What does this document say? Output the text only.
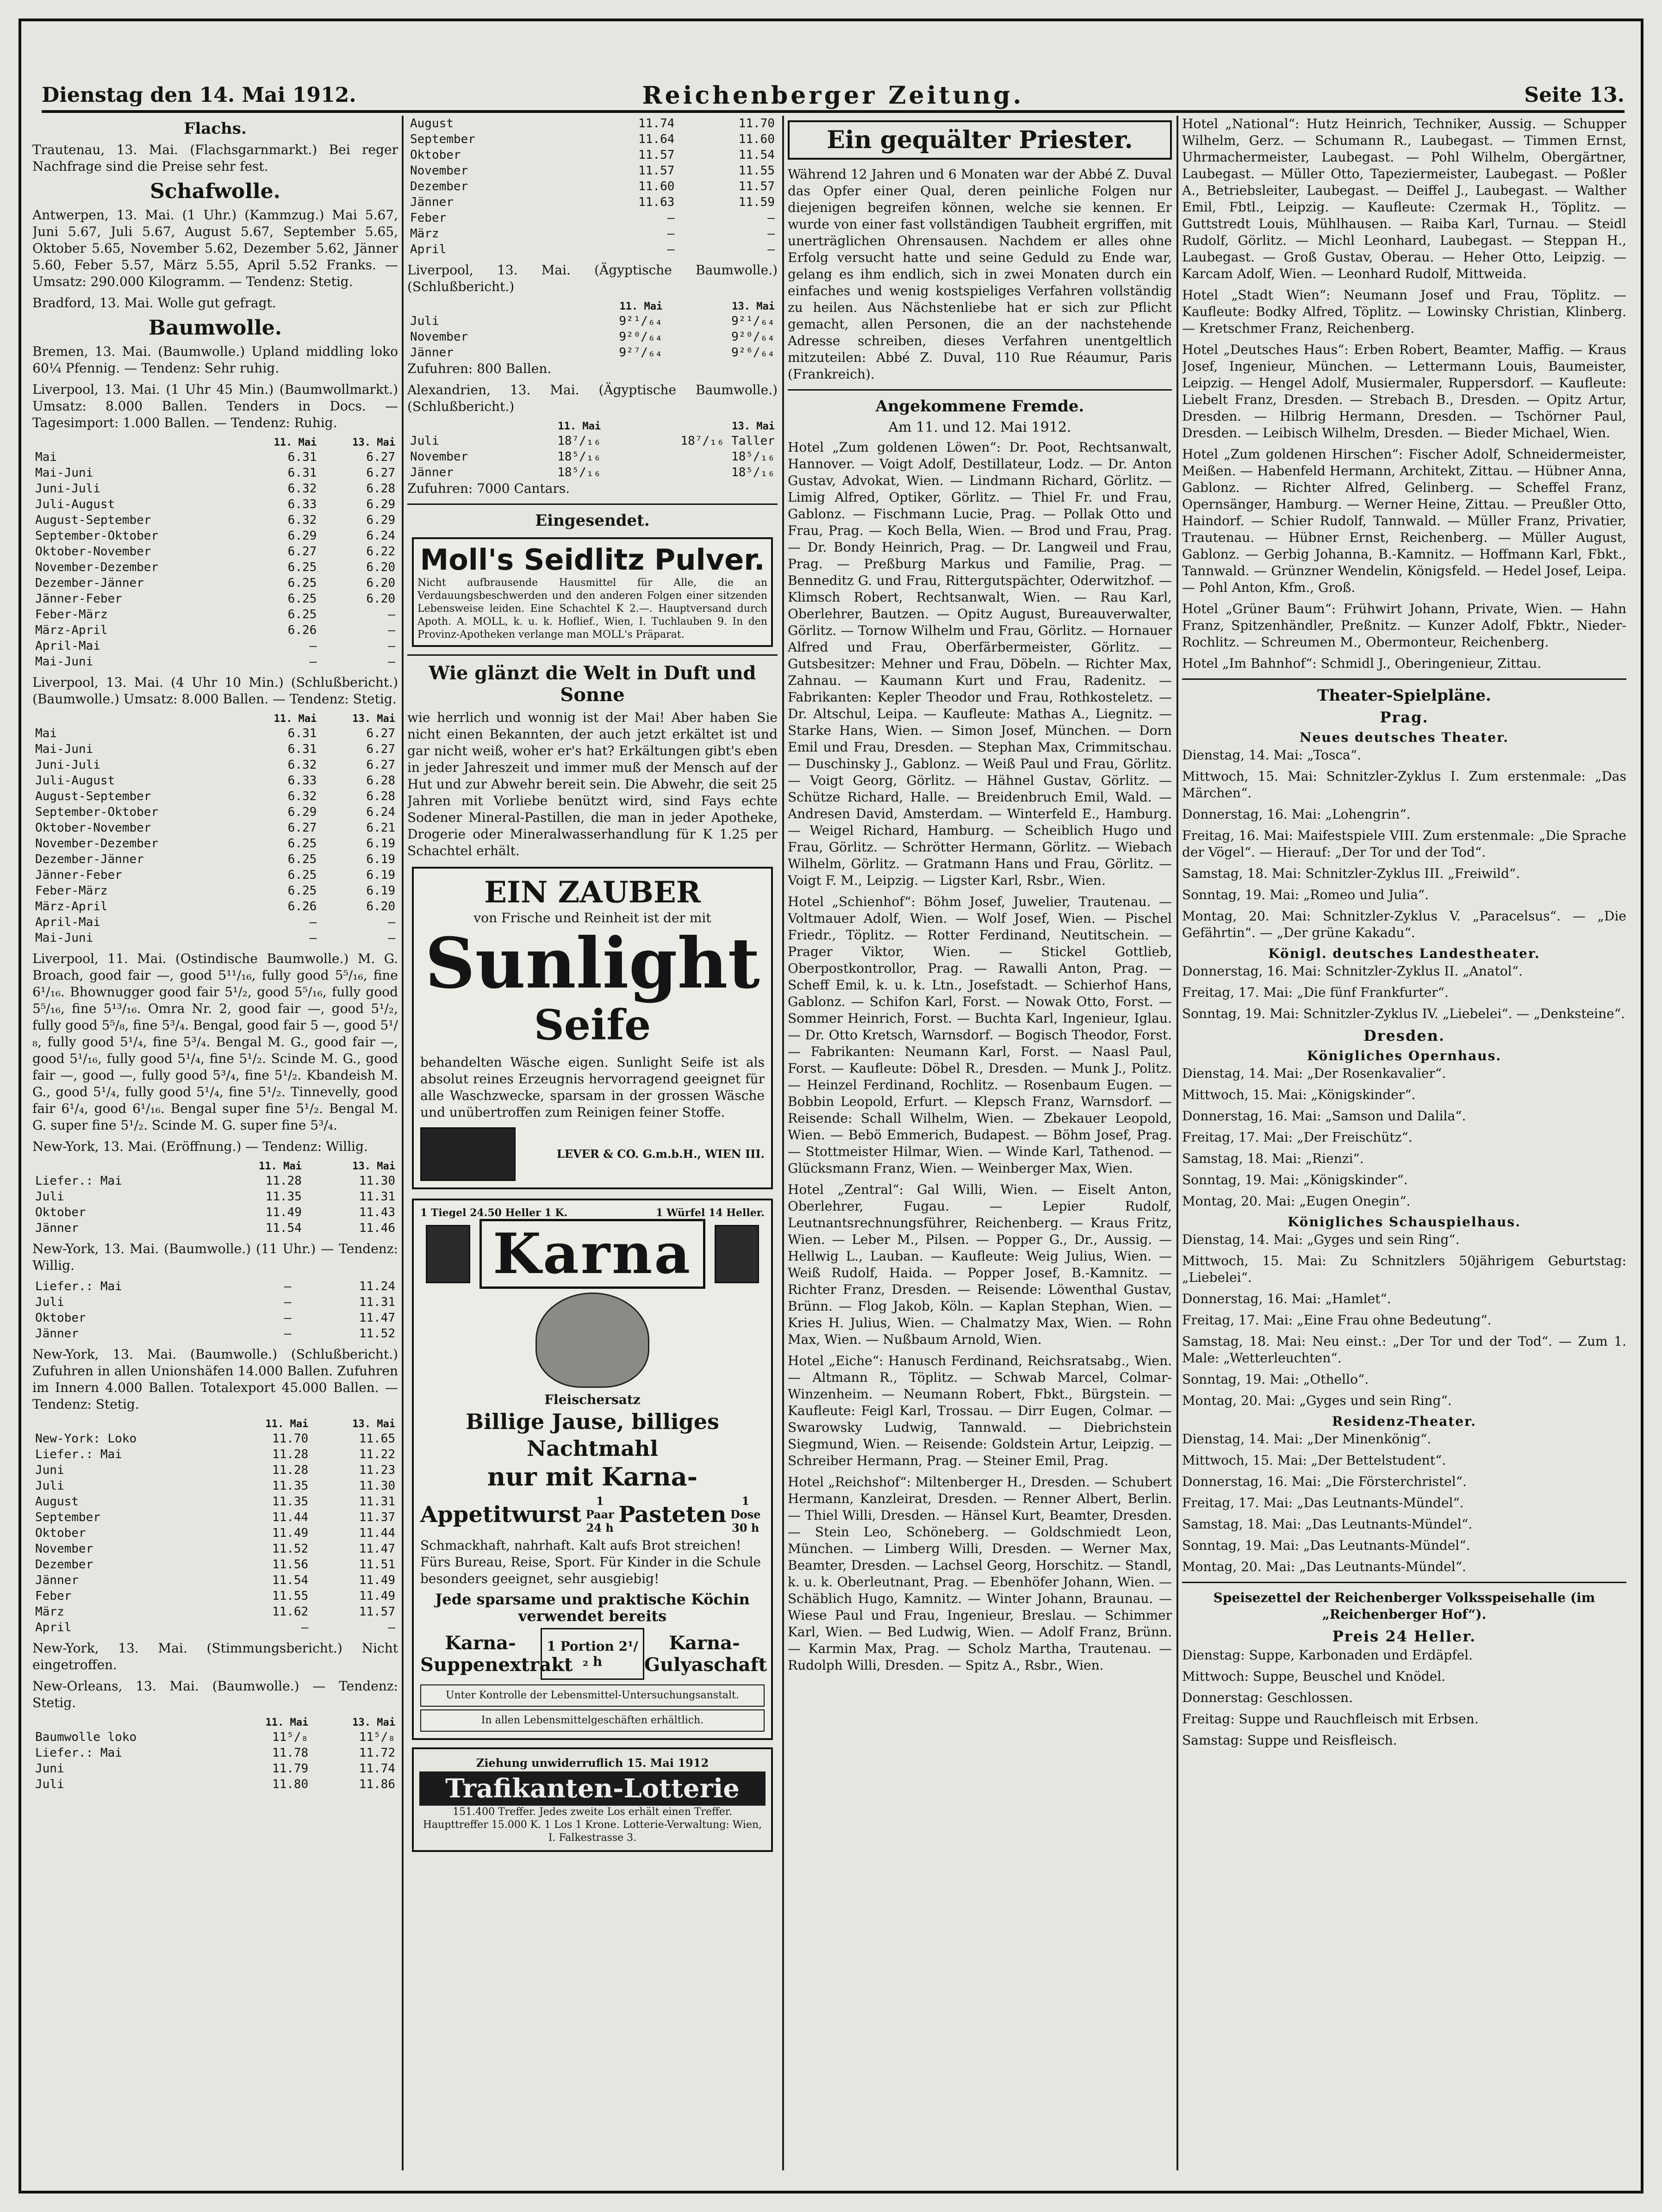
Dienstag den 14. Mai 1912.	Reichenberger Zeitung.	Seite 13.
Flachs.

Trautenau, 13. Mai. (Flachsgarnmarkt.) Bei reger Nachfrage sind die Preise sehr fest.

Schafwolle.

Antwerpen, 13. Mai. (1 Uhr.) (Kammzug.) Mai 5.67, Juni 5.67, Juli 5.67, August 5.67, September 5.65, Oktober 5.65, November 5.62, Dezember 5.62, Jänner 5.60, Feber 5.57, März 5.55, April 5.52 Franks. — Umsatz: 290.000 Kilogramm. — Tendenz: Stetig.

Bradford, 13. Mai. Wolle gut gefragt.

Baumwolle.

Bremen, 13. Mai. (Baumwolle.) Upland middling loko 60¼ Pfennig. — Tendenz: Sehr ruhig.

Liverpool, 13. Mai. (1 Uhr 45 Min.) (Baumwollmarkt.) Umsatz: 8.000 Ballen. Tenders in Docs. — Tagesimport: 1.000 Ballen. — Tendenz: Ruhig.

	11. Mai	13. Mai
Mai	6.31	6.27
Mai-Juni	6.31	6.27
Juni-Juli	6.32	6.28
Juli-August	6.33	6.29
August-September	6.32	6.29
September-Oktober	6.29	6.24
Oktober-November	6.27	6.22
November-Dezember	6.25	6.20
Dezember-Jänner	6.25	6.20
Jänner-Feber	6.25	6.20
Feber-März	6.25	—
März-April	6.26	—
April-Mai	—	—
Mai-Juni	—	—

Liverpool, 13. Mai. (4 Uhr 10 Min.) (Schlußbericht.) (Baumwolle.) Umsatz: 8.000 Ballen. — Tendenz: Stetig.

	11. Mai	13. Mai
Mai	6.31	6.27
Mai-Juni	6.31	6.27
Juni-Juli	6.32	6.27
Juli-August	6.33	6.28
August-September	6.32	6.28
September-Oktober	6.29	6.24
Oktober-November	6.27	6.21
November-Dezember	6.25	6.19
Dezember-Jänner	6.25	6.19
Jänner-Feber	6.25	6.19
Feber-März	6.25	6.19
März-April	6.26	6.20
April-Mai	—	—
Mai-Juni	—	—

Liverpool, 11. Mai. (Ostindische Baumwolle.) M. G. Broach, good fair —, good 5¹¹/₁₆, fully good 5⁵/₁₆, fine 6¹/₁₆. Bhownugger good fair 5¹/₂, good 5⁵/₁₆, fully good 5⁵/₁₆, fine 5¹³/₁₆. Omra Nr. 2, good fair —, good 5¹/₂, fully good 5⁵/₈, fine 5³/₄. Bengal, good fair 5 —, good 5¹/₈, fully good 5¹/₄, fine 5³/₄. Bengal M. G., good fair —, good 5¹/₁₆, fully good 5¹/₄, fine 5¹/₂. Scinde M. G., good fair —, good —, fully good 5³/₄, fine 5¹/₂. Kbandeish M. G., good 5¹/₄, fully good 5¹/₄, fine 5¹/₂. Tinnevelly, good fair 6¹/₄, good 6¹/₁₆. Bengal super fine 5¹/₂. Bengal M. G. super fine 5¹/₂. Scinde M. G. super fine 5³/₄.

New-York, 13. Mai. (Eröffnung.) — Tendenz: Willig.

	11. Mai	13. Mai
Liefer.: Mai	11.28	11.30
Juli	11.35	11.31
Oktober	11.49	11.43
Jänner	11.54	11.46

New-York, 13. Mai. (Baumwolle.) (11 Uhr.) — Tendenz: Willig.

Liefer.: Mai	—	11.24
Juli	—	11.31
Oktober	—	11.47
Jänner	—	11.52

New-York, 13. Mai. (Baumwolle.) (Schlußbericht.) Zufuhren in allen Unionshäfen 14.000 Ballen. Zufuhren im Innern 4.000 Ballen. Totalexport 45.000 Ballen. — Tendenz: Stetig.

	11. Mai	13. Mai
New-York: Loko	11.70	11.65
Liefer.: Mai	11.28	11.22
Juni	11.28	11.23
Juli	11.35	11.30
August	11.35	11.31
September	11.44	11.37
Oktober	11.49	11.44
November	11.52	11.47
Dezember	11.56	11.51
Jänner	11.54	11.49
Feber	11.55	11.49
März	11.62	11.57
April	—	—

New-York, 13. Mai. (Stimmungsbericht.) Nicht eingetroffen.

New-Orleans, 13. Mai. (Baumwolle.) — Tendenz: Stetig.

	11. Mai	13. Mai
Baumwolle loko	11⁵/₈	11⁵/₈
Liefer.: Mai	11.78	11.72
Juni	11.79	11.74
Juli	11.80	11.86
August	11.74	11.70
September	11.64	11.60
Oktober	11.57	11.54
November	11.57	11.55
Dezember	11.60	11.57
Jänner	11.63	11.59
Feber	—	—
März	—	—
April	—	—

Liverpool, 13. Mai. (Ägyptische Baumwolle.) (Schlußbericht.)

	11. Mai	13. Mai
Juli	9²¹/₆₄	9²¹/₆₄
November	9²⁰/₆₄	9²⁰/₆₄
Jänner	9²⁷/₆₄	9²⁶/₆₄

Zufuhren: 800 Ballen.

Alexandrien, 13. Mai. (Ägyptische Baumwolle.) (Schlußbericht.)

	11. Mai	13. Mai
Juli	18⁷/₁₆	18⁷/₁₆ Taller
November	18⁵/₁₆	18⁵/₁₆
Jänner	18⁵/₁₆	18⁵/₁₆

Zufuhren: 7000 Cantars.

Eingesendet.
Moll's Seidlitz Pulver.
Nicht aufbrausende Hausmittel für Alle, die an Verdauungsbeschwerden und den anderen Folgen einer sitzenden Lebensweise leiden. Eine Schachtel K 2.—. Hauptversand durch Apoth. A. MOLL, k. u. k. Hoflief., Wien, I. Tuchlauben 9. In den Provinz-Apotheken verlange man MOLL's Präparat.
Wie glänzt die Welt in Duft und Sonne

wie herrlich und wonnig ist der Mai! Aber haben Sie nicht einen Bekannten, der auch jetzt erkältet ist und gar nicht weiß, woher er's hat? Erkältungen gibt's eben in jeder Jahreszeit und immer muß der Mensch auf der Hut und zur Abwehr bereit sein. Die Abwehr, die seit 25 Jahren mit Vorliebe benützt wird, sind Fays echte Sodener Mineral-Pastillen, die man in jeder Apotheke, Drogerie oder Mineralwasserhandlung für K 1.25 per Schachtel erhält.

EIN ZAUBER
von Frische und Reinheit ist der mit
Sunlight
Seife
behandelten Wäsche eigen. Sunlight Seife ist als absolut reines Erzeugnis hervorragend geeignet für alle Waschzwecke, sparsam in der grossen Wäsche und unübertroffen zum Reinigen feiner Stoffe.
LEVER & CO. G.m.b.H., WIEN III.
1 Tiegel 24.50 Heller 1 K.	1 Würfel 14 Heller.
Karna
Fleischersatz
Billige Jause, billiges Nachtmahl
nur mit Karna-
Appetitwurst
1 Paar 24 h
Pasteten
1 Dose 30 h
Schmackhaft, nahrhaft. Kalt aufs Brot streichen! Fürs Bureau, Reise, Sport. Für Kinder in die Schule besonders geeignet, sehr ausgiebig!
Jede sparsame und praktische Köchin verwendet bereits
Karna-Suppenextrakt
1 Portion 2¹/₂ h
Karna-Gulyaschaft
Unter Kontrolle der Lebensmittel-Untersuchungsanstalt.
In allen Lebensmittelgeschäften erhältlich.
Ziehung unwiderruflich 15. Mai 1912
Trafikanten-Lotterie
151.400 Treffer. Jedes zweite Los erhält einen Treffer. Haupttreffer 15.000 K. 1 Los 1 Krone. Lotterie-Verwaltung: Wien, I. Falkestrasse 3.
Ein gequälter Priester.

Während 12 Jahren und 6 Monaten war der Abbé Z. Duval das Opfer einer Qual, deren peinliche Folgen nur diejenigen begreifen können, welche sie kennen. Er wurde von einer fast vollständigen Taubheit ergriffen, mit unerträglichen Ohrensausen. Nachdem er alles ohne Erfolg versucht hatte und seine Geduld zu Ende war, gelang es ihm endlich, sich in zwei Monaten durch ein einfaches und wenig kostspieliges Verfahren vollständig zu heilen. Aus Nächstenliebe hat er sich zur Pflicht gemacht, allen Personen, die an der nachstehende Adresse schreiben, dieses Verfahren unentgeltlich mitzuteilen: Abbé Z. Duval, 110 Rue Réaumur, Paris (Frankreich).

Angekommene Fremde.
Am 11. und 12. Mai 1912.

Hotel „Zum goldenen Löwen“: Dr. Poot, Rechtsanwalt, Hannover. — Voigt Adolf, Destillateur, Lodz. — Dr. Anton Gustav, Advokat, Wien. — Lindmann Richard, Görlitz. — Limig Alfred, Optiker, Görlitz. — Thiel Fr. und Frau, Gablonz. — Fischmann Lucie, Prag. — Pollak Otto und Frau, Prag. — Koch Bella, Wien. — Brod und Frau, Prag. — Dr. Bondy Heinrich, Prag. — Dr. Langweil und Frau, Prag. — Preßburg Markus und Familie, Prag. — Benneditz G. und Frau, Rittergutspächter, Oderwitzhof. — Klimsch Robert, Rechtsanwalt, Wien. — Rau Karl, Oberlehrer, Bautzen. — Opitz August, Bureauverwalter, Görlitz. — Tornow Wilhelm und Frau, Görlitz. — Hornauer Alfred und Frau, Oberfärbermeister, Görlitz. — Gutsbesitzer: Mehner und Frau, Döbeln. — Richter Max, Zahnau. — Kaumann Kurt und Frau, Radenitz. — Fabrikanten: Kepler Theodor und Frau, Rothkosteletz. — Dr. Altschul, Leipa. — Kaufleute: Mathas A., Liegnitz. — Starke Hans, Wien. — Simon Josef, München. — Dorn Emil und Frau, Dresden. — Stephan Max, Crimmitschau. — Duschinsky J., Gablonz. — Weiß Paul und Frau, Görlitz. — Voigt Georg, Görlitz. — Hähnel Gustav, Görlitz. — Schütze Richard, Halle. — Breidenbruch Emil, Wald. — Andresen David, Amsterdam. — Winterfeld E., Hamburg. — Weigel Richard, Hamburg. — Scheiblich Hugo und Frau, Görlitz. — Schrötter Hermann, Görlitz. — Wiebach Wilhelm, Görlitz. — Gratmann Hans und Frau, Görlitz. — Voigt F. M., Leipzig. — Ligster Karl, Rsbr., Wien.

Hotel „Schienhof“: Böhm Josef, Juwelier, Trautenau. — Voltmauer Adolf, Wien. — Wolf Josef, Wien. — Pischel Friedr., Töplitz. — Rotter Ferdinand, Neutitschein. — Prager Viktor, Wien. — Stickel Gottlieb, Oberpostkontrollor, Prag. — Rawalli Anton, Prag. — Scheff Emil, k. u. k. Ltn., Josefstadt. — Schierhof Hans, Gablonz. — Schifon Karl, Forst. — Nowak Otto, Forst. — Sommer Heinrich, Forst. — Buchta Karl, Ingenieur, Iglau. — Dr. Otto Kretsch, Warnsdorf. — Bogisch Theodor, Forst. — Fabrikanten: Neumann Karl, Forst. — Naasl Paul, Forst. — Kaufleute: Döbel R., Dresden. — Munk J., Politz. — Heinzel Ferdinand, Rochlitz. — Rosenbaum Eugen. — Bobbin Leopold, Erfurt. — Klepsch Franz, Warnsdorf. — Reisende: Schall Wilhelm, Wien. — Zbekauer Leopold, Wien. — Bebö Emmerich, Budapest. — Böhm Josef, Prag. — Stottmeister Hilmar, Wien. — Winde Karl, Tathenod. — Glücksmann Franz, Wien. — Weinberger Max, Wien.

Hotel „Zentral“: Gal Willi, Wien. — Eiselt Anton, Oberlehrer, Fugau. — Lepier Rudolf, Leutnantsrechnungsführer, Reichenberg. — Kraus Fritz, Wien. — Leber M., Pilsen. — Popper G., Dr., Aussig. — Hellwig L., Lauban. — Kaufleute: Weig Julius, Wien. — Weiß Rudolf, Haida. — Popper Josef, B.-Kamnitz. — Richter Franz, Dresden. — Reisende: Löwenthal Gustav, Brünn. — Flog Jakob, Köln. — Kaplan Stephan, Wien. — Kries H. Julius, Wien. — Chalmatzy Max, Wien. — Rohn Max, Wien. — Nußbaum Arnold, Wien.

Hotel „Eiche“: Hanusch Ferdinand, Reichsratsabg., Wien. — Altmann R., Töplitz. — Schwab Marcel, Colmar-Winzenheim. — Neumann Robert, Fbkt., Bürgstein. — Kaufleute: Feigl Karl, Trossau. — Dirr Eugen, Colmar. — Swarowsky Ludwig, Tannwald. — Diebrichstein Siegmund, Wien. — Reisende: Goldstein Artur, Leipzig. — Schreiber Hermann, Prag. — Steiner Emil, Prag.

Hotel „Reichshof“: Miltenberger H., Dresden. — Schubert Hermann, Kanzleirat, Dresden. — Renner Albert, Berlin. — Thiel Willi, Dresden. — Hänsel Kurt, Beamter, Dresden. — Stein Leo, Schöneberg. — Goldschmiedt Leon, München. — Limberg Willi, Dresden. — Werner Max, Beamter, Dresden. — Lachsel Georg, Horschitz. — Standl, k. u. k. Oberleutnant, Prag. — Ebenhöfer Johann, Wien. — Schäblich Hugo, Kamnitz. — Winter Johann, Braunau. — Wiese Paul und Frau, Ingenieur, Breslau. — Schimmer Karl, Wien. — Bed Ludwig, Wien. — Adolf Franz, Brünn. — Karmin Max, Prag. — Scholz Martha, Trautenau. — Rudolph Willi, Dresden. — Spitz A., Rsbr., Wien.

Hotel „National“: Hutz Heinrich, Techniker, Aussig. — Schupper Wilhelm, Gerz. — Schumann R., Laubegast. — Timmen Ernst, Uhrmachermeister, Laubegast. — Pohl Wilhelm, Obergärtner, Laubegast. — Müller Otto, Tapeziermeister, Laubegast. — Poßler A., Betriebsleiter, Laubegast. — Deiffel J., Laubegast. — Walther Emil, Fbtl., Leipzig. — Kaufleute: Czermak H., Töplitz. — Guttstredt Louis, Mühlhausen. — Raiba Karl, Turnau. — Steidl Rudolf, Görlitz. — Michl Leonhard, Laubegast. — Steppan H., Laubegast. — Groß Gustav, Oberau. — Heher Otto, Leipzig. — Karcam Adolf, Wien. — Leonhard Rudolf, Mittweida.

Hotel „Stadt Wien“: Neumann Josef und Frau, Töplitz. — Kaufleute: Bodky Alfred, Töplitz. — Lowinsky Christian, Klinberg. — Kretschmer Franz, Reichenberg.

Hotel „Deutsches Haus“: Erben Robert, Beamter, Maffig. — Kraus Josef, Ingenieur, München. — Lettermann Louis, Baumeister, Leipzig. — Hengel Adolf, Musiermaler, Ruppersdorf. — Kaufleute: Liebelt Franz, Dresden. — Strebach B., Dresden. — Opitz Artur, Dresden. — Hilbrig Hermann, Dresden. — Tschörner Paul, Dresden. — Leibisch Wilhelm, Dresden. — Bieder Michael, Wien.

Hotel „Zum goldenen Hirschen“: Fischer Adolf, Schneidermeister, Meißen. — Habenfeld Hermann, Architekt, Zittau. — Hübner Anna, Gablonz. — Richter Alfred, Gelinberg. — Scheffel Franz, Opernsänger, Hamburg. — Werner Heine, Zittau. — Preußler Otto, Haindorf. — Schier Rudolf, Tannwald. — Müller Franz, Privatier, Trautenau. — Hübner Ernst, Reichenberg. — Müller August, Gablonz. — Gerbig Johanna, B.-Kamnitz. — Hoffmann Karl, Fbkt., Tannwald. — Grünzner Wendelin, Königsfeld. — Hedel Josef, Leipa. — Pohl Anton, Kfm., Groß.

Hotel „Grüner Baum“: Frühwirt Johann, Private, Wien. — Hahn Franz, Spitzenhändler, Preßnitz. — Kunzer Adolf, Fbktr., Nieder-Rochlitz. — Schreumen M., Obermonteur, Reichenberg.

Hotel „Im Bahnhof“: Schmidl J., Oberingenieur, Zittau.

Theater-Spielpläne.
Prag.
Neues deutsches Theater.

Dienstag, 14. Mai: „Tosca“.

Mittwoch, 15. Mai: Schnitzler-Zyklus I. Zum erstenmale: „Das Märchen“.

Donnerstag, 16. Mai: „Lohengrin“.

Freitag, 16. Mai: Maifestspiele VIII. Zum erstenmale: „Die Sprache der Vögel“. — Hierauf: „Der Tor und der Tod“.

Samstag, 18. Mai: Schnitzler-Zyklus III. „Freiwild“.

Sonntag, 19. Mai: „Romeo und Julia“.

Montag, 20. Mai: Schnitzler-Zyklus V. „Paracelsus“. — „Die Gefährtin“. — „Der grüne Kakadu“.

Königl. deutsches Landestheater.

Donnerstag, 16. Mai: Schnitzler-Zyklus II. „Anatol“.

Freitag, 17. Mai: „Die fünf Frankfurter“.

Sonntag, 19. Mai: Schnitzler-Zyklus IV. „Liebelei“. — „Denksteine“.

Dresden.
Königliches Opernhaus.

Dienstag, 14. Mai: „Der Rosenkavalier“.

Mittwoch, 15. Mai: „Königskinder“.

Donnerstag, 16. Mai: „Samson und Dalila“.

Freitag, 17. Mai: „Der Freischütz“.

Samstag, 18. Mai: „Rienzi“.

Sonntag, 19. Mai: „Königskinder“.

Montag, 20. Mai: „Eugen Onegin“.

Königliches Schauspielhaus.

Dienstag, 14. Mai: „Gyges und sein Ring“.

Mittwoch, 15. Mai: Zu Schnitzlers 50jährigem Geburtstag: „Liebelei“.

Donnerstag, 16. Mai: „Hamlet“.

Freitag, 17. Mai: „Eine Frau ohne Bedeutung“.

Samstag, 18. Mai: Neu einst.: „Der Tor und der Tod“. — Zum 1. Male: „Wetterleuchten“.

Sonntag, 19. Mai: „Othello“.

Montag, 20. Mai: „Gyges und sein Ring“.

Residenz-Theater.

Dienstag, 14. Mai: „Der Minenkönig“.

Mittwoch, 15. Mai: „Der Bettelstudent“.

Donnerstag, 16. Mai: „Die Försterchristel“.

Freitag, 17. Mai: „Das Leutnants-Mündel“.

Samstag, 18. Mai: „Das Leutnants-Mündel“.

Sonntag, 19. Mai: „Das Leutnants-Mündel“.

Montag, 20. Mai: „Das Leutnants-Mündel“.

Speisezettel der Reichenberger Volksspeisehalle (im „Reichenberger Hof“).

Preis 24 Heller.

Dienstag: Suppe, Karbonaden und Erdäpfel.

Mittwoch: Suppe, Beuschel und Knödel.

Donnerstag: Geschlossen.

Freitag: Suppe und Rauchfleisch mit Erbsen.

Samstag: Suppe und Reisfleisch.
